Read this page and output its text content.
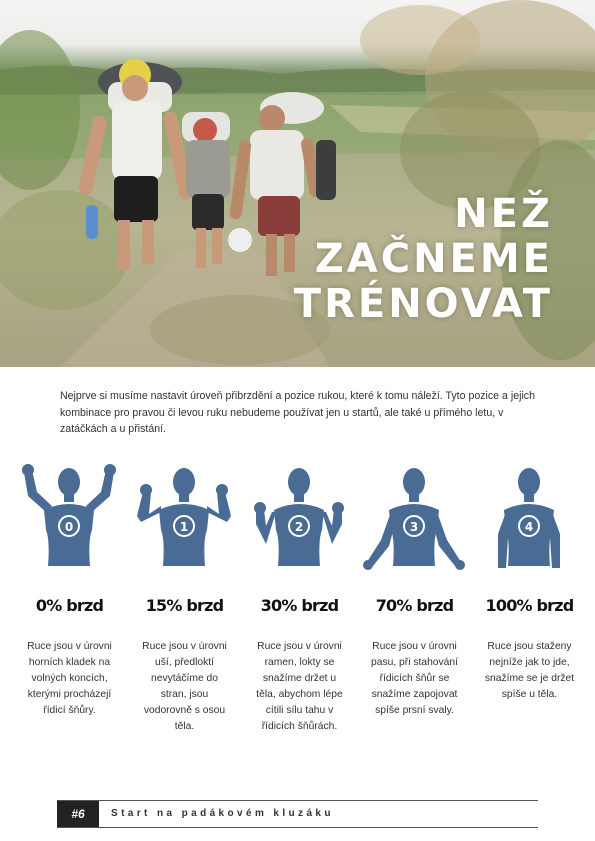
NEŽ
ZAČNEME
TRÉNOVAT

Nejprve si musíme nastavit úroveň přibrzdění a pozice rukou, které k tomu náleží. Tyto pozice a jejich kombinace pro pravou či levou ruku nebudeme používat jen u startů, ale také u přímého letu, v zatáčkách a u přistání.

0
0% brzd
Ruce jsou v úrovni horních kladek na volných koncích, kterými procházejí řídicí šňůry.
1
15% brzd
Ruce jsou v úrovni uší, předloktí nevytáčíme do stran, jsou vodorovně s osou těla.
2
30% brzd
Ruce jsou v úrovni ramen, lokty se snažíme držet u těla, abychom lépe cítili sílu tahu v řídicích šňůrách.
3
70% brzd
Ruce jsou v úrovni pasu, při stahování řídicích šňůr se snažíme zapojovat spíše prsní svaly.
4
100% brzd
Ruce jsou staženy nejníže jak to jde, snažíme se je držet spíše u těla.
#6	Start na padákovém kluzáku
